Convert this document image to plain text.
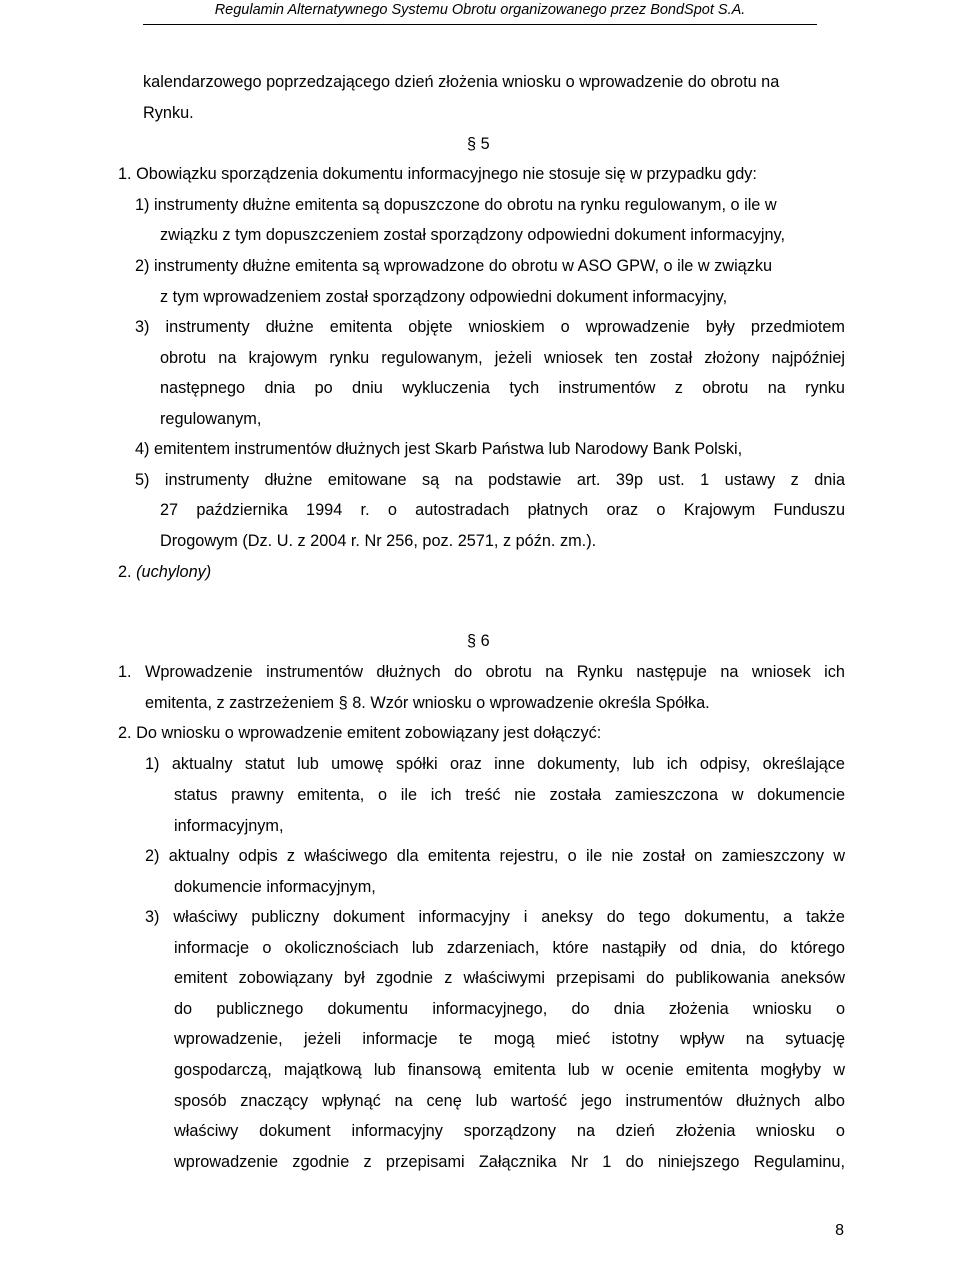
Regulamin Alternatywnego Systemu Obrotu organizowanego przez BondSpot S.A.
kalendarzowego poprzedzającego dzień złożenia wniosku o wprowadzenie do obrotu na
Rynku.
§ 5
1. Obowiązku sporządzenia dokumentu informacyjnego nie stosuje się w przypadku gdy:
1) instrumenty dłużne emitenta są dopuszczone do obrotu na rynku regulowanym, o ile w
związku z tym dopuszczeniem został sporządzony odpowiedni dokument informacyjny,
2) instrumenty dłużne emitenta są wprowadzone do obrotu w ASO GPW, o ile w związku
z tym wprowadzeniem został sporządzony odpowiedni dokument informacyjny,
3) instrumenty dłużne emitenta objęte wnioskiem o wprowadzenie były przedmiotem
obrotu na krajowym rynku regulowanym, jeżeli wniosek ten został złożony najpóźniej
następnego dnia po dniu wykluczenia tych instrumentów z obrotu na rynku
regulowanym,
4) emitentem instrumentów dłużnych jest Skarb Państwa lub Narodowy Bank Polski,
5) instrumenty dłużne emitowane są na podstawie art. 39p ust. 1 ustawy z dnia
27 października 1994 r. o autostradach płatnych oraz o Krajowym Funduszu
Drogowym (Dz. U. z 2004 r. Nr 256, poz. 2571, z późn. zm.).
2. (uchylony)
§ 6
1. Wprowadzenie instrumentów dłużnych do obrotu na Rynku następuje na wniosek ich
emitenta, z zastrzeżeniem § 8. Wzór wniosku o wprowadzenie określa Spółka.
2. Do wniosku o wprowadzenie emitent zobowiązany jest dołączyć:
1) aktualny statut lub umowę spółki oraz inne dokumenty, lub ich odpisy, określające
status prawny emitenta, o ile ich treść nie została zamieszczona w dokumencie
informacyjnym,
2) aktualny odpis z właściwego dla emitenta rejestru, o ile nie został on zamieszczony w
dokumencie informacyjnym,
3) właściwy publiczny dokument informacyjny i aneksy do tego dokumentu, a także
informacje o okolicznościach lub zdarzeniach, które nastąpiły od dnia, do którego
emitent zobowiązany był zgodnie z właściwymi przepisami do publikowania aneksów
do publicznego dokumentu informacyjnego, do dnia złożenia wniosku o
wprowadzenie, jeżeli informacje te mogą mieć istotny wpływ na sytuację
gospodarczą, majątkową lub finansową emitenta lub w ocenie emitenta mogłyby w
sposób znaczący wpłynąć na cenę lub wartość jego instrumentów dłużnych albo
właściwy dokument informacyjny sporządzony na dzień złożenia wniosku o
wprowadzenie zgodnie z przepisami Załącznika Nr 1 do niniejszego Regulaminu,
8
